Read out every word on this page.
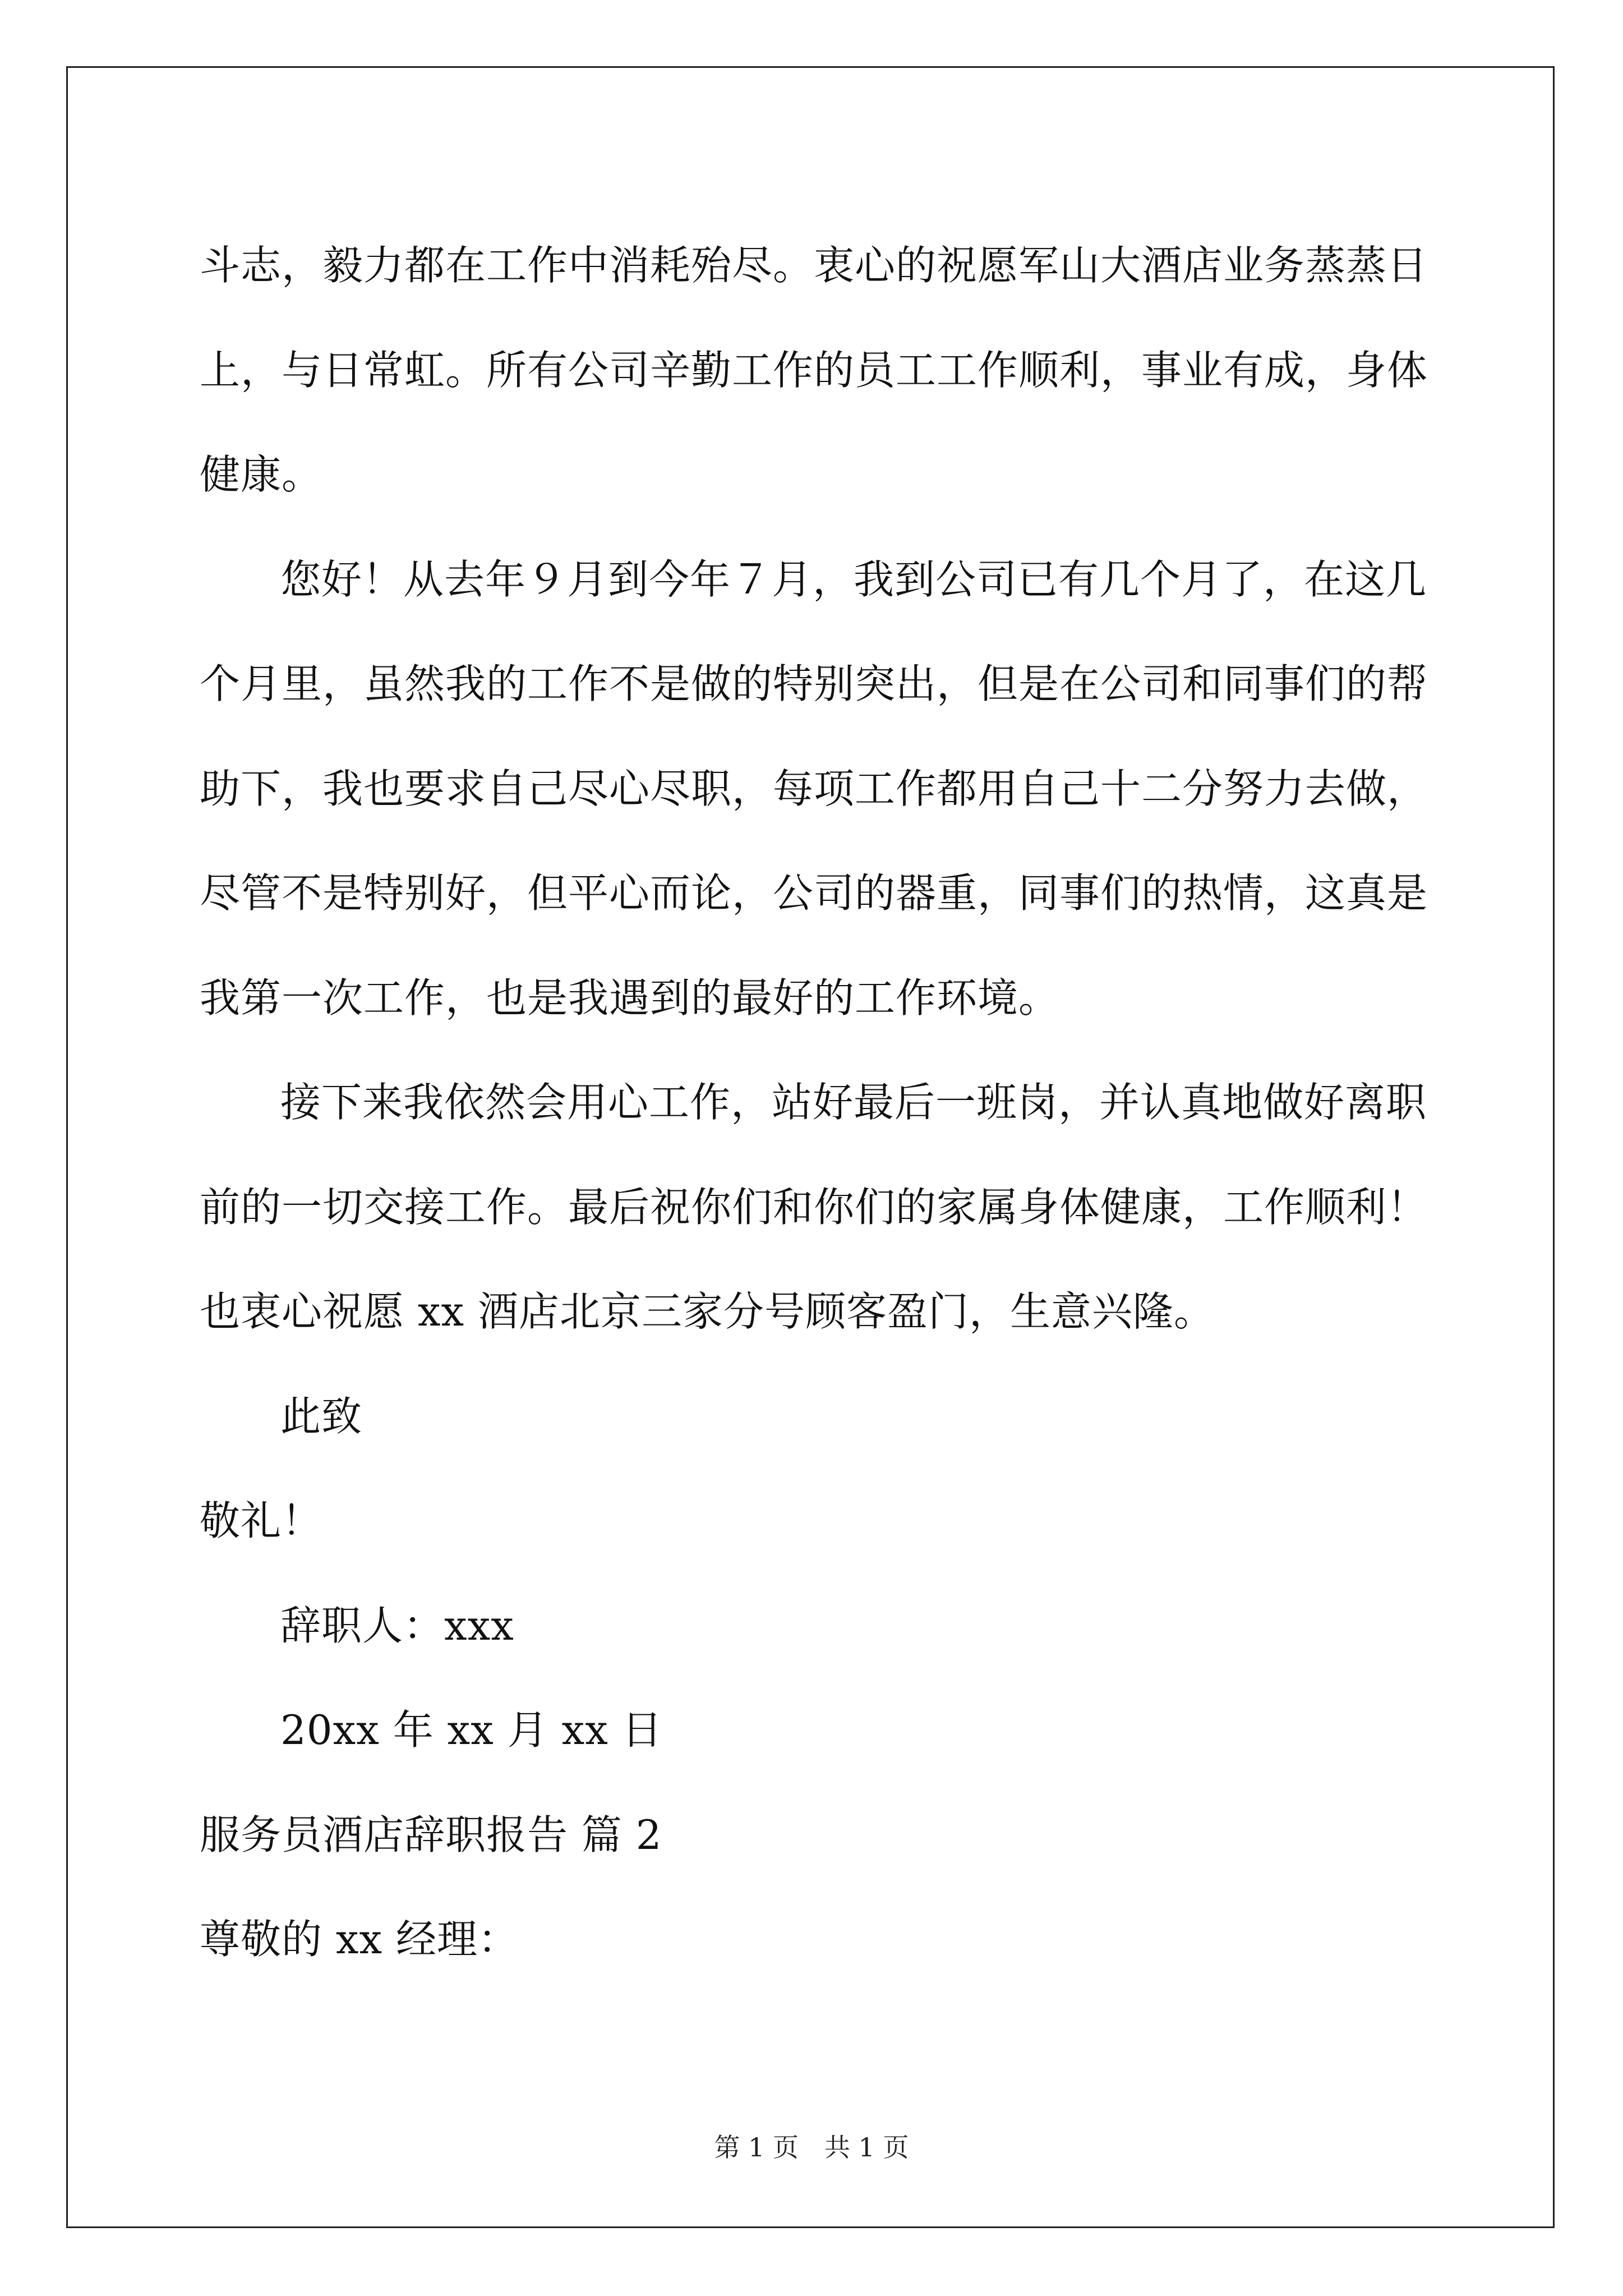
斗志，毅力都在工作中消耗殆尽。衷心的祝愿军山大酒店业务蒸蒸日
上，与日常虹。所有公司辛勤工作的员工工作顺利，事业有成，身体
健康。
您好！从去年９月到今年７月，我到公司已有几个月了，在这几
个月里，虽然我的工作不是做的特别突出，但是在公司和同事们的帮
助下，我也要求自己尽心尽职，每项工作都用自己十二分努力去做，
尽管不是特别好，但平心而论，公司的器重，同事们的热情，这真是
我第一次工作，也是我遇到的最好的工作环境。
接下来我依然会用心工作，站好最后一班岗，并认真地做好离职
前的一切交接工作。最后祝你们和你们的家属身体健康，工作顺利！
也衷心祝愿 xx 酒店北京三家分号顾客盈门，生意兴隆。
此致
敬礼！
辞职人：xxx
20xx 年 xx 月 xx 日
服务员酒店辞职报告 篇 2
尊敬的 xx 经理：
第 1 页　共 1 页
